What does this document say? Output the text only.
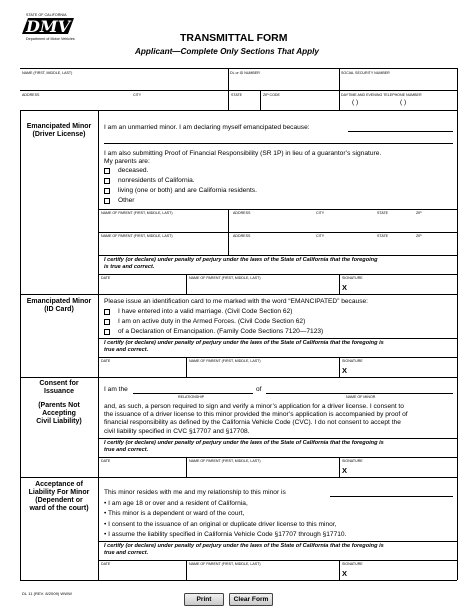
STATE OF CALIFORNIA
DMV
Department of Motor Vehicles	TRANSMITTAL FORM
Applicant—Complete Only Sections That Apply
NAME (FIRST, MIDDLE, LAST)	DL or ID NUMBER	SOCIAL SECURITY NUMBER
ADDRESS	CITY	STATE	ZIP CODE	DAYTIME AND EVENING TELEPHONE NUMBER
( )	( )
Emancipated Minor
(Driver License)
I am an unmarried minor. I am declaring myself emancipated because:
I am also submitting Proof of Financial Responsibility (SR 1P) in lieu of a guarantor’s signature.
My parents are:
deceased.
nonresidents of California.
living (one or both) and are California residents.
Other
NAME OF PARENT (FIRST, MIDDLE, LAST)	ADDRESS	CITY	STATE	ZIP
NAME OF PARENT (FIRST, MIDDLE, LAST)	ADDRESS	CITY	STATE	ZIP
I certify (or declare) under penalty of perjury under the laws of the State of California that the foregoing
is true and correct.
DATE	NAME OF PARENT (FIRST, MIDDLE, LAST)	SIGNATURE
X
Emancipated Minor
(ID Card)
Please issue an identification card to me marked with the word “EMANCIPATED” because:
I have entered into a valid marriage. (Civil Code Section 62)
I am on active duty in the Armed Forces. (Civil Code Section 62)
of a Declaration of Emancipation. (Family Code Sections 7120—7123)
I certify (or declare) under penalty of perjury under the laws of the State of California that the foregoing is
true and correct.
DATE	NAME OF PARENT (FIRST, MIDDLE, LAST)	SIGNATURE
X
Consent for
Issuance
(Parents Not
Accepting
Civil Liability)
I am the	of
RELATIONSHIP	NAME OF MINOR
and, as such, a person required to sign and verify a minor’s application for a driver license. I consent to
the issuance of a driver license to this minor provided the minor’s application is accompanied by proof of
financial responsibility as defined by the California Vehicle Code (CVC). I do not consent to accept the
civil liability specified in CVC §17707 and §17708.
I certify (or declare) under penalty of perjury under the laws of the State of California that the foregoing is
true and correct.
DATE	NAME OF PARENT (FIRST, MIDDLE, LAST)	SIGNATURE
X
Acceptance of
Liability For Minor
(Dependent or
ward of the court)
This minor resides with me and my relationship to this minor is
• I am age 18 or over and a resident of California,
• This minor is a dependent or ward of the court,
• I consent to the issuance of an original or duplicate driver license to this minor,
• I assume the liability specified in California Vehicle Code §17707 through §17710.
I certify (or declare) under penalty of perjury under the laws of the State of California that the foregoing is
true and correct.
DATE	NAME OF PARENT (FIRST, MIDDLE, LAST)	SIGNATURE
X
DL 11 (REV. 8/2009) WWW
Print	Clear Form
